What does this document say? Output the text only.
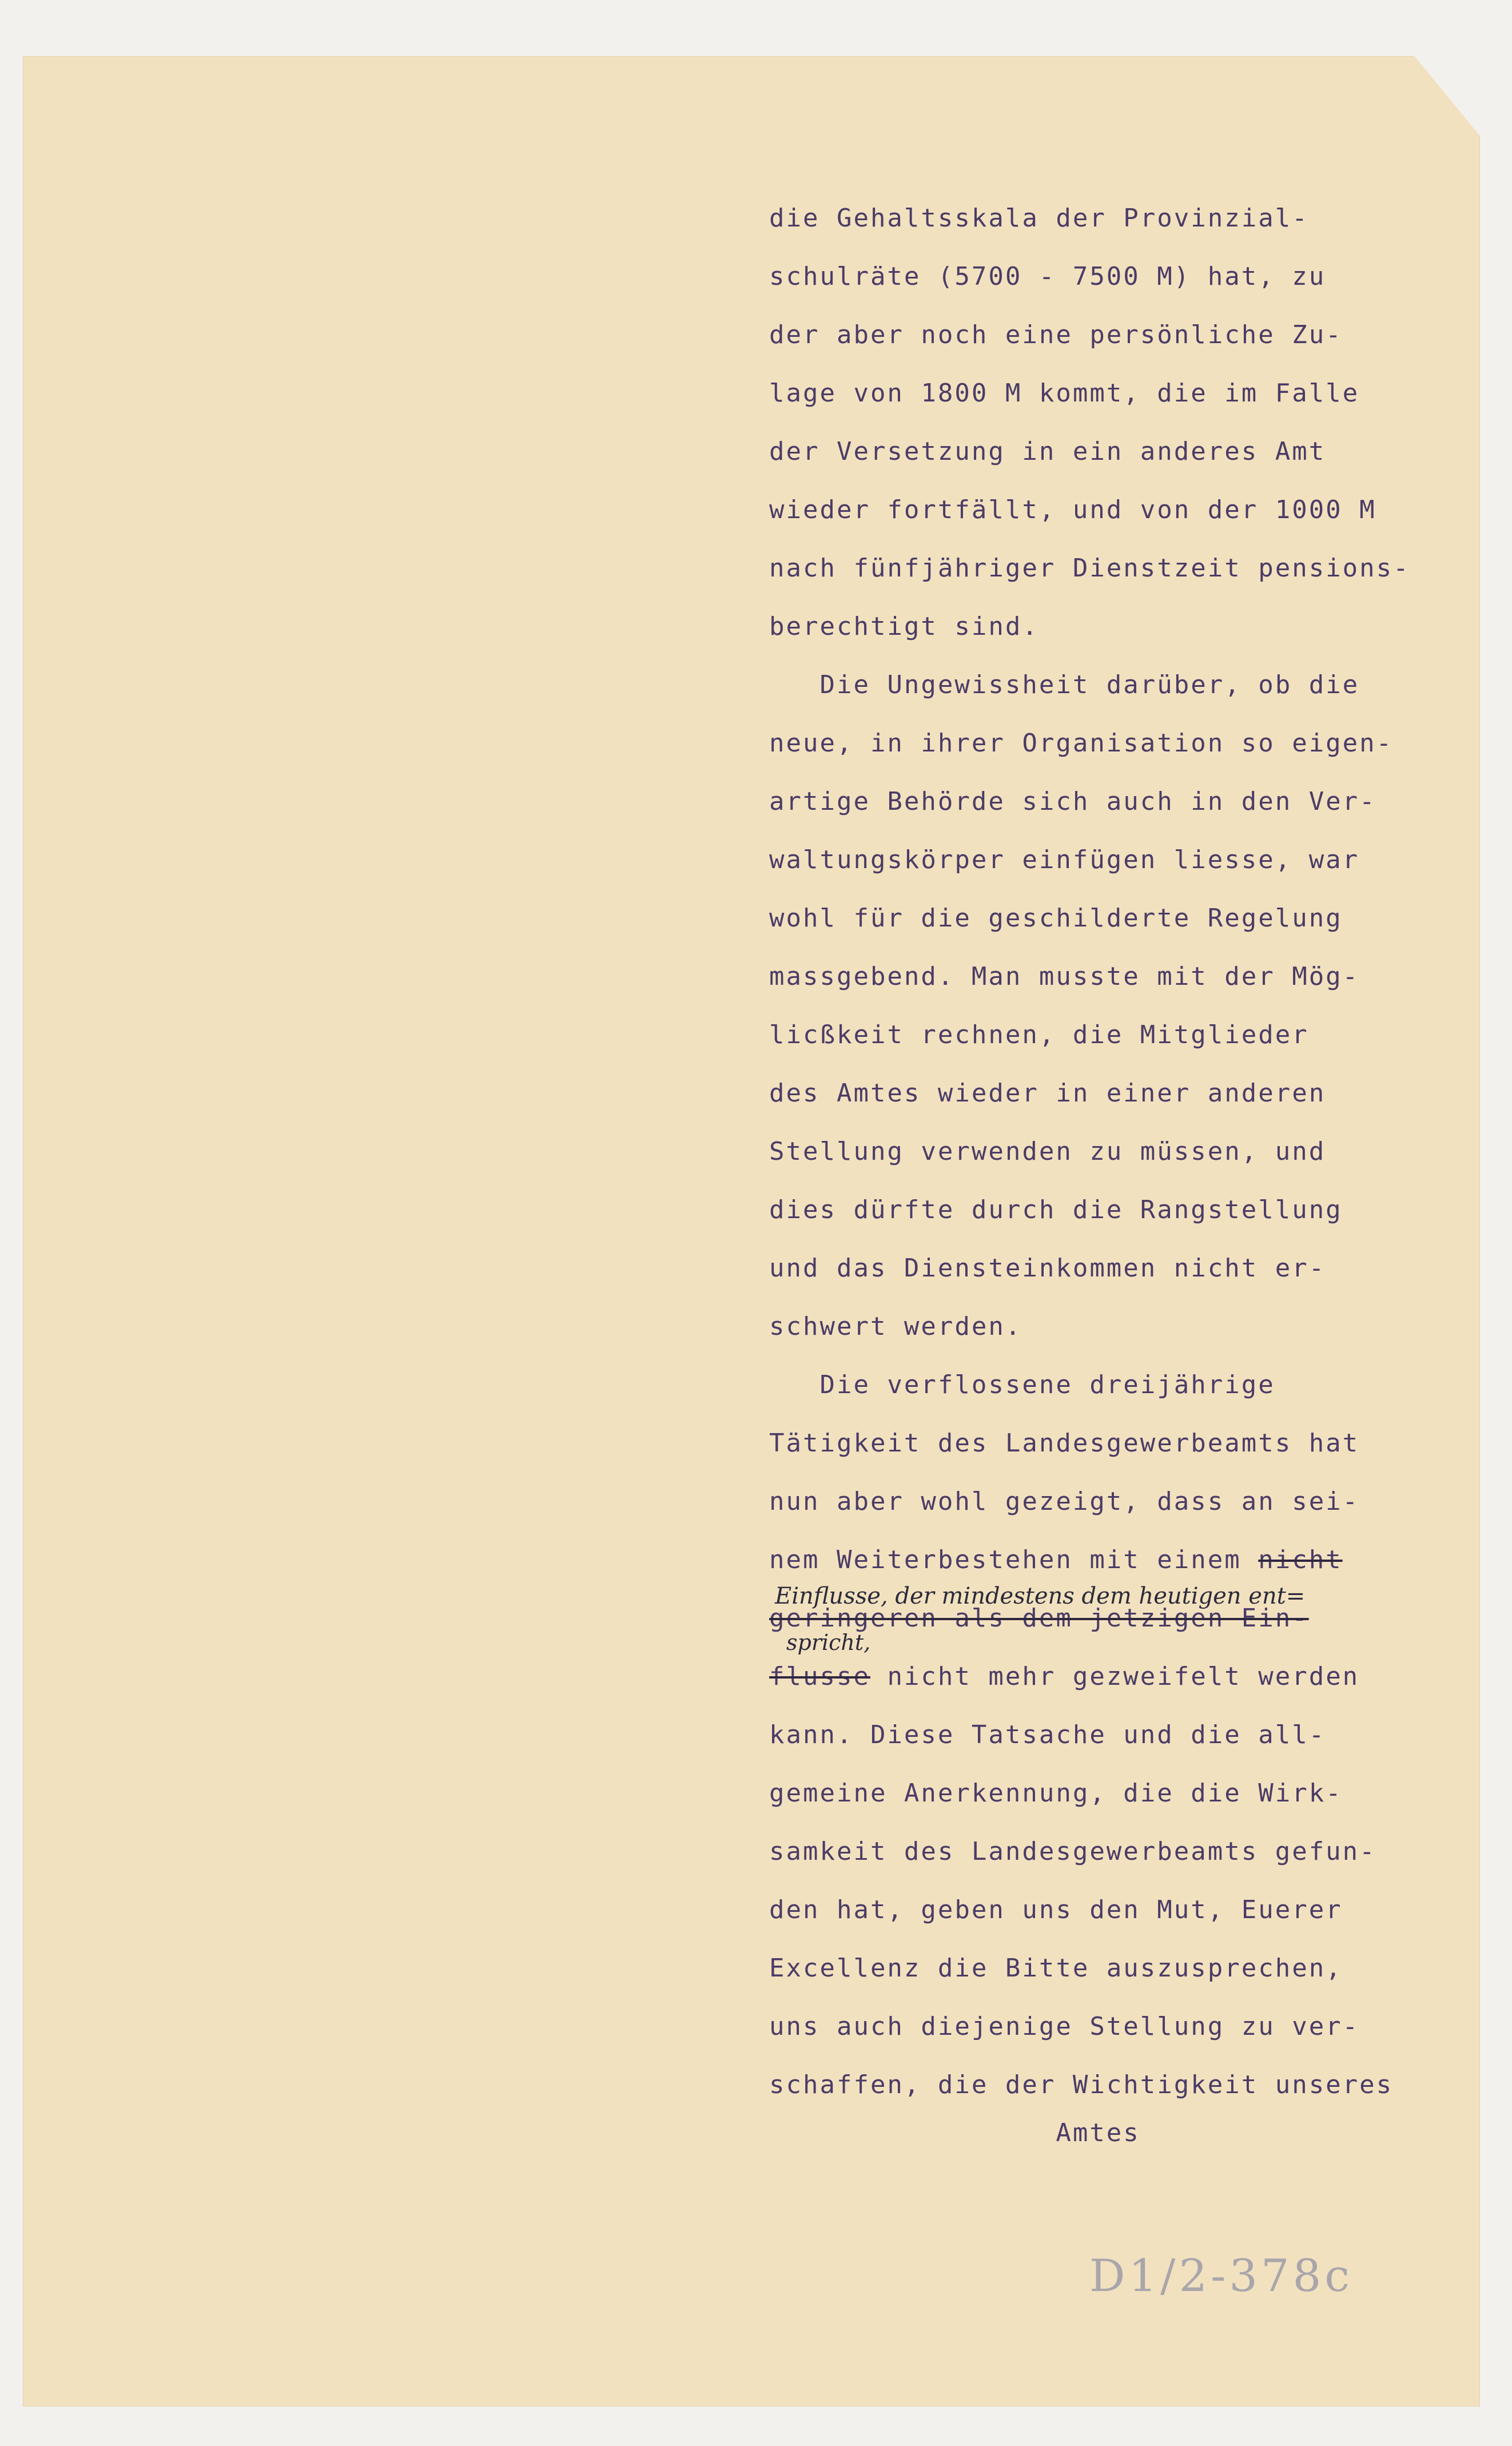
die Gehaltsskala der Provinzial-

schulräte (5700 - 7500 M) hat, zu

der aber noch eine persönliche Zu-

lage von 1800 M kommt, die im Falle

der Versetzung in ein anderes Amt

wieder fortfällt, und von der 1000 M

nach fünfjähriger Dienstzeit pensions-

berechtigt sind.

Die Ungewissheit darüber, ob die

neue, in ihrer Organisation so eigen-

artige Behörde sich auch in den Ver-

waltungskörper einfügen liesse, war

wohl für die geschilderte Regelung

massgebend. Man musste mit der Mög-

licßkeit rechnen, die Mitglieder

des Amtes wieder in einer anderen

Stellung verwenden zu müssen, und

dies dürfte durch die Rangstellung

und das Diensteinkommen nicht er-

schwert werden.

Die verflossene dreijährige

Tätigkeit des Landesgewerbeamts hat

nun aber wohl gezeigt, dass an sei-

nem Weiterbestehen mit einem nicht

Einflusse, der mindestens dem heutigen ent=

geringeren als dem jetzigen Ein-

spricht,

flusse nicht mehr gezweifelt werden

kann. Diese Tatsache und die all-

gemeine Anerkennung, die die Wirk-

samkeit des Landesgewerbeamts gefun-

den hat, geben uns den Mut, Euerer

Excellenz die Bitte auszusprechen,

uns auch diejenige Stellung zu ver-

schaffen, die der Wichtigkeit unseres

Amtes

D1/2-378c
